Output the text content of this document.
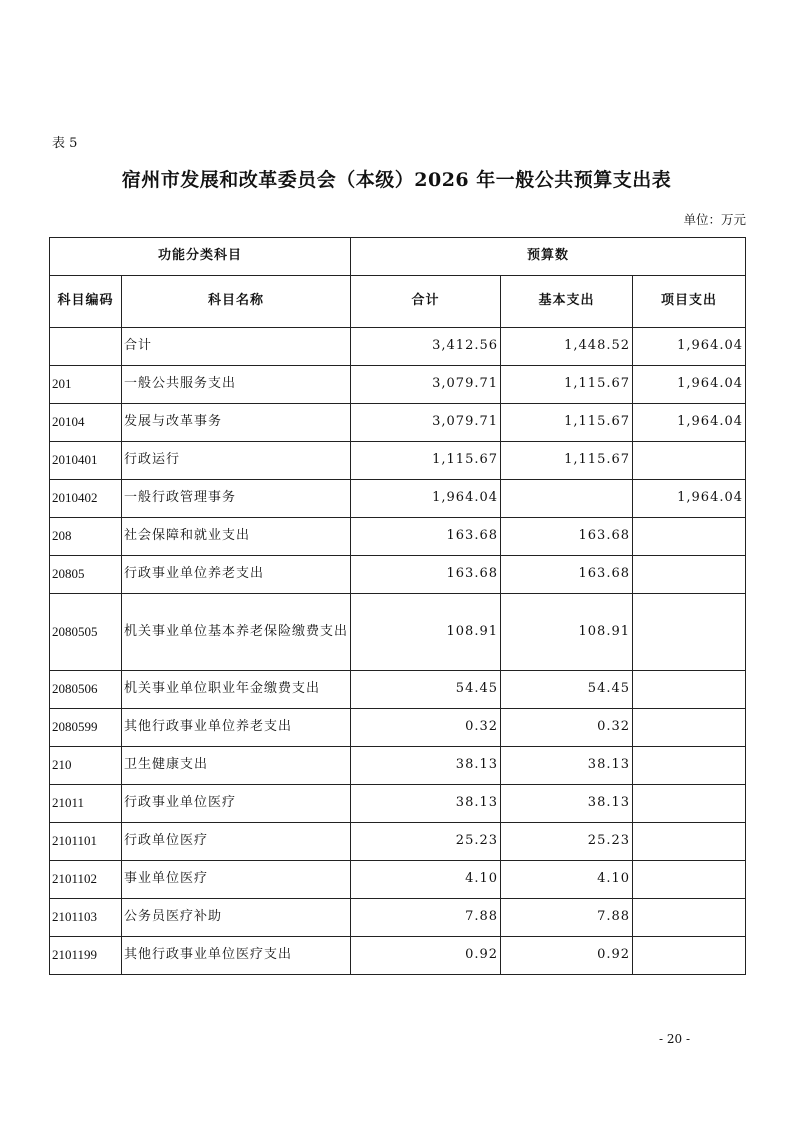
表 5
宿州市发展和改革委员会（本级）2026 年一般公共预算支出表
单位：万元
功能分类科目		预算数		
科目编码	科目名称	合计	基本支出	项目支出
	合计	3,412.56	1,448.52	1,964.04
201	一般公共服务支出	3,079.71	1,115.67	1,964.04
20104	发展与改革事务	3,079.71	1,115.67	1,964.04
2010401	行政运行	1,115.67	1,115.67	
2010402	一般行政管理事务	1,964.04		1,964.04
208	社会保障和就业支出	163.68	163.68	
20805	行政事业单位养老支出	163.68	163.68	
2080505	机关事业单位基本养老保险缴费支出	108.91	108.91	
2080506	机关事业单位职业年金缴费支出	54.45	54.45	
2080599	其他行政事业单位养老支出	0.32	0.32	
210	卫生健康支出	38.13	38.13	
21011	行政事业单位医疗	38.13	38.13	
2101101	行政单位医疗	25.23	25.23	
2101102	事业单位医疗	4.10	4.10	
2101103	公务员医疗补助	7.88	7.88	
2101199	其他行政事业单位医疗支出	0.92	0.92	
- 20 -
